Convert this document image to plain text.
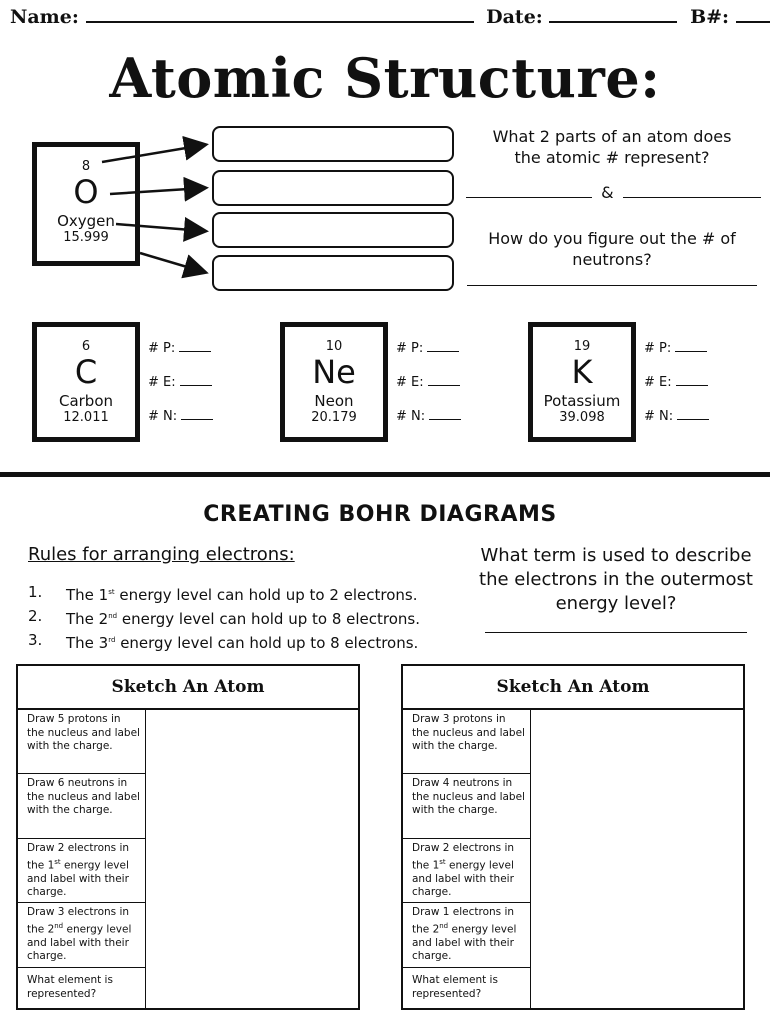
Name:	Date:	B#:
Atomic Structure:
8
O
Oxygen
15.999
What 2 parts of an atom does the atomic # represent?
&
How do you figure out the # of neutrons?
6
C
Carbon
12.011
# P:
# E:
# N:
10
Ne
Neon
20.179
# P:
# E:
# N:
19
K
Potassium
39.098
# P:
# E:
# N:
CREATING BOHR DIAGRAMS
Rules for arranging electrons:
1.	The 1st energy level can hold up to 2 electrons.
2.	The 2nd energy level can hold up to 8 electrons.
3.	The 3rd energy level can hold up to 8 electrons.
What term is used to describe the electrons in the outermost energy level?
Sketch An Atom
Draw 5 protons in the nucleus and label with the charge.
Draw 6 neutrons in the nucleus and label with the charge.
Draw 2 electrons in the 1st energy level and label with their charge.
Draw 3 electrons in the 2nd energy level and label with their charge.
What element is represented?
Sketch An Atom
Draw 3 protons in the nucleus and label with the charge.
Draw 4 neutrons in the nucleus and label with the charge.
Draw 2 electrons in the 1st energy level and label with their charge.
Draw 1 electrons in the 2nd energy level and label with their charge.
What element is represented?
